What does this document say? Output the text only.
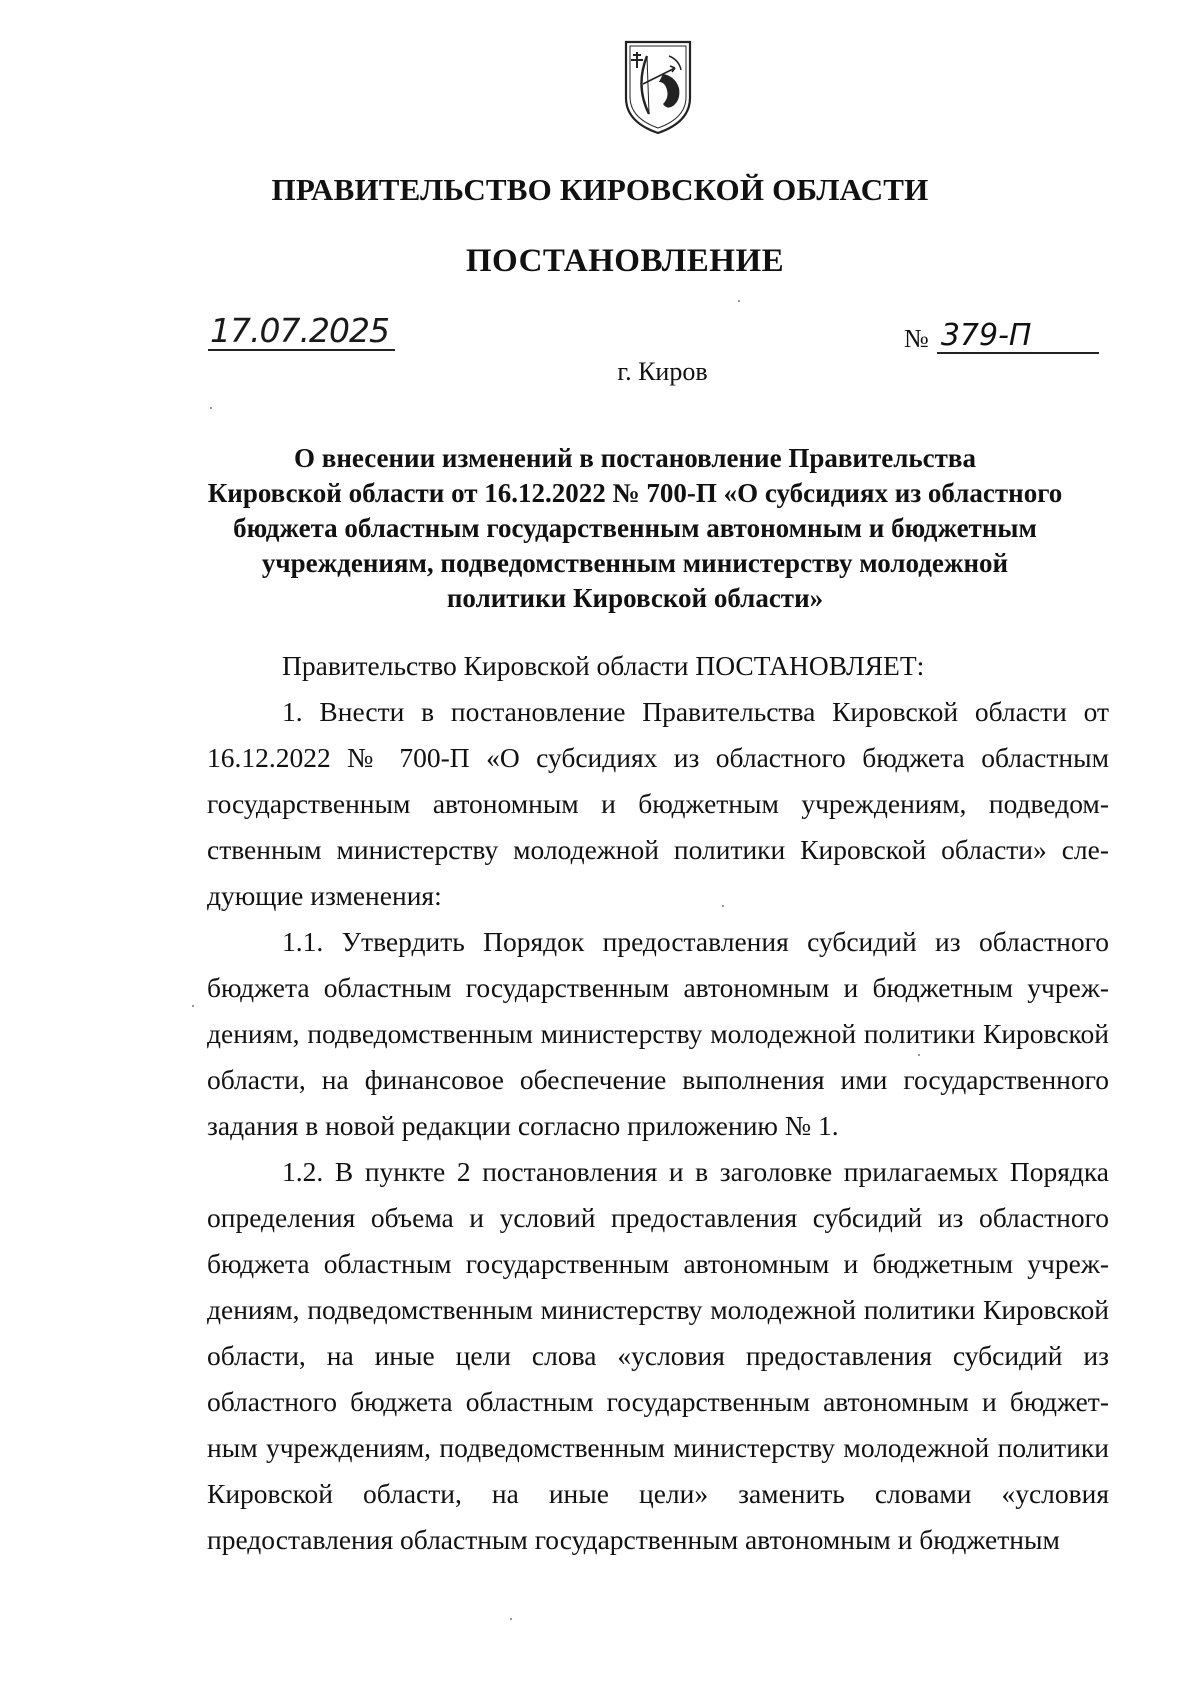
ПРАВИТЕЛЬСТВО КИРОВСКОЙ ОБЛАСТИ
ПОСТАНОВЛЕНИЕ
17.07.2025	№ 379-П
г. Киров
О внесении изменений в постановление Правительства
Кировской области от 16.12.2022 № 700-П «О субсидиях из областного
бюджета областным государственным автономным и бюджетным
учреждениям, подведомственным министерству молодежной
политики Кировской области»

Правительство Кировской области ПОСТАНОВЛЯЕТ:

1. Внести в постановление Правительства Кировской области от 16.12.2022 № 700-П «О субсидиях из областного бюджета областным государственным автономным и бюджетным учреждениям, подведомственным министерству молодежной политики Кировской области» следующие изменения:

1.1. Утвердить Порядок предоставления субсидий из областного бюджета областным государственным автономным и бюджетным учреждениям, подведомственным министерству молодежной политики Кировской области, на финансовое обеспечение выполнения ими государственного задания в новой редакции согласно приложению № 1.

1.2. В пункте 2 постановления и в заголовке прилагаемых Порядка определения объема и условий предоставления субсидий из областного бюджета областным государственным автономным и бюджетным учреждениям, подведомственным министерству молодежной политики Кировской области, на иные цели слова «условия предоставления субсидий из областного бюджета областным государственным автономным и бюджетным учреждениям, подведомственным министерству молодежной политики Кировской области, на иные цели» заменить словами «условия предоставления областным государственным автономным и бюджетным
